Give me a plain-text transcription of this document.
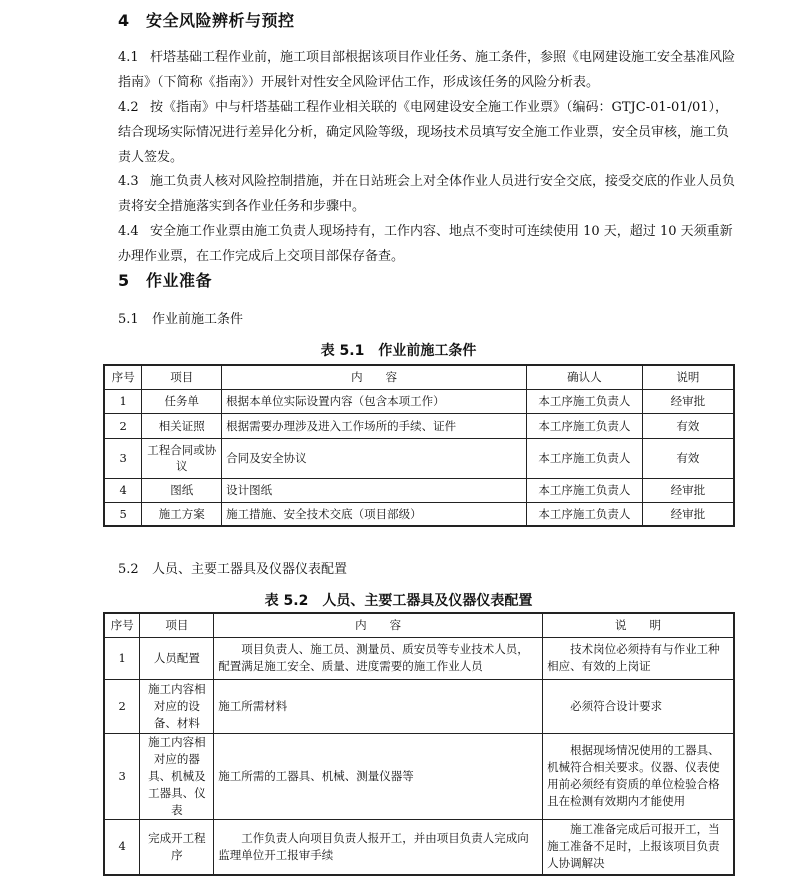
4 安全风险辨析与预控
4.1 杆塔基础工程作业前，施工项目部根据该项目作业任务、施工条件，参照《电网建设施工安全基准风险指南》（下简称《指南》）开展针对性安全风险评估工作，形成该任务的风险分析表。
4.2 按《指南》中与杆塔基础工程作业相关联的《电网建设安全施工作业票》（编码：GTJC-01-01/01），结合现场实际情况进行差异化分析，确定风险等级，现场技术员填写安全施工作业票，安全员审核，施工负责人签发。
4.3 施工负责人核对风险控制措施，并在日站班会上对全体作业人员进行安全交底，接受交底的作业人员负责将安全措施落实到各作业任务和步骤中。
4.4 安全施工作业票由施工负责人现场持有，工作内容、地点不变时可连续使用 10 天，超过 10 天须重新办理作业票，在工作完成后上交项目部保存备查。
5 作业准备
5.1 作业前施工条件
表 5.1　作业前施工条件
序号	项目	内　　容	确认人	说明
1	任务单	根据本单位实际设置内容（包含本项工作）	本工序施工负责人	经审批
2	相关证照	根据需要办理涉及进入工作场所的手续、证件	本工序施工负责人	有效
3	工程合同或协议	合同及安全协议	本工序施工负责人	有效
4	图纸	设计图纸	本工序施工负责人	经审批
5	施工方案	施工措施、安全技术交底（项目部级）	本工序施工负责人	经审批
5.2 人员、主要工器具及仪器仪表配置
表 5.2　人员、主要工器具及仪器仪表配置
序号	项目	内　　容	说　　明
1	人员配置	项目负责人、施工员、测量员、质安员等专业技术人员，配置满足施工安全、质量、进度需要的施工作业人员	技术岗位必须持有与作业工种相应、有效的上岗证
2	施工内容相对应的设备、材料	施工所需材料	必须符合设计要求
3	施工内容相对应的器具、机械及工器具、仪表	施工所需的工器具、机械、测量仪器等	根据现场情况使用的工器具、机械符合相关要求。仪器、仪表使用前必须经有资质的单位检验合格且在检测有效期内才能使用
4	完成开工程序	工作负责人向项目负责人报开工，并由项目负责人完成向监理单位开工报审手续	施工准备完成后可报开工，当施工准备不足时，上报该项目负责人协调解决
